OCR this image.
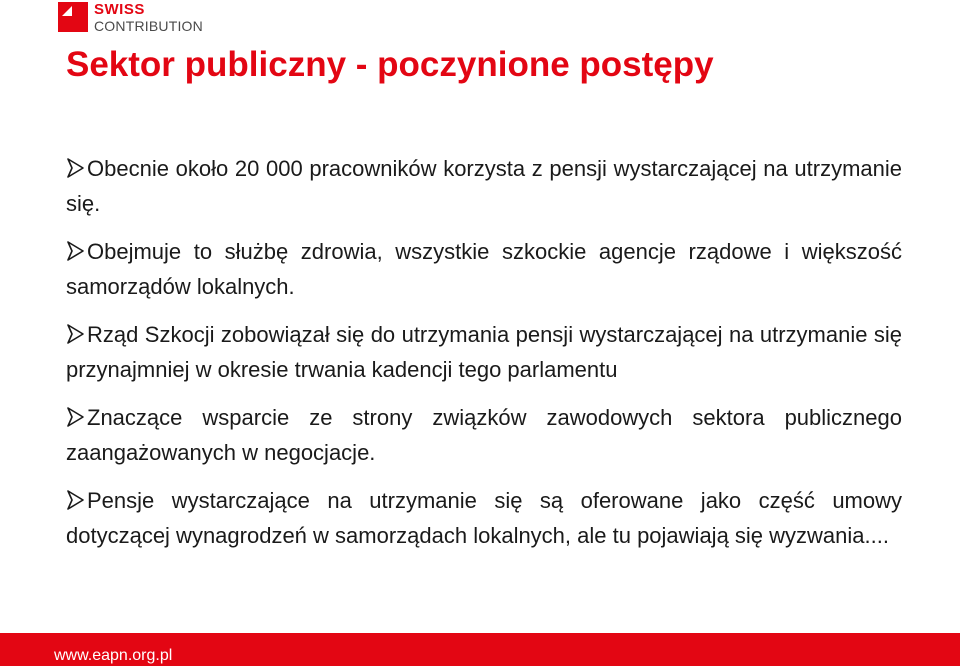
SWISS
CONTRIBUTION
Sektor publiczny - poczynione postępy
Obecnie około 20 000 pracowników korzysta z pensji wystarczającej na utrzymanie się.
Obejmuje to służbę zdrowia, wszystkie szkockie agencje rządowe i większość samorządów lokalnych.
Rząd Szkocji zobowiązał się do utrzymania pensji wystarczającej na utrzymanie się przynajmniej w okresie trwania kadencji tego parlamentu
Znaczące wsparcie ze strony związków zawodowych sektora publicznego zaangażowanych w negocjacje.
Pensje wystarczające na utrzymanie się są oferowane jako część umowy dotyczącej wynagrodzeń w samorządach lokalnych, ale tu pojawiają się wyzwania....
www.eapn.org.pl
